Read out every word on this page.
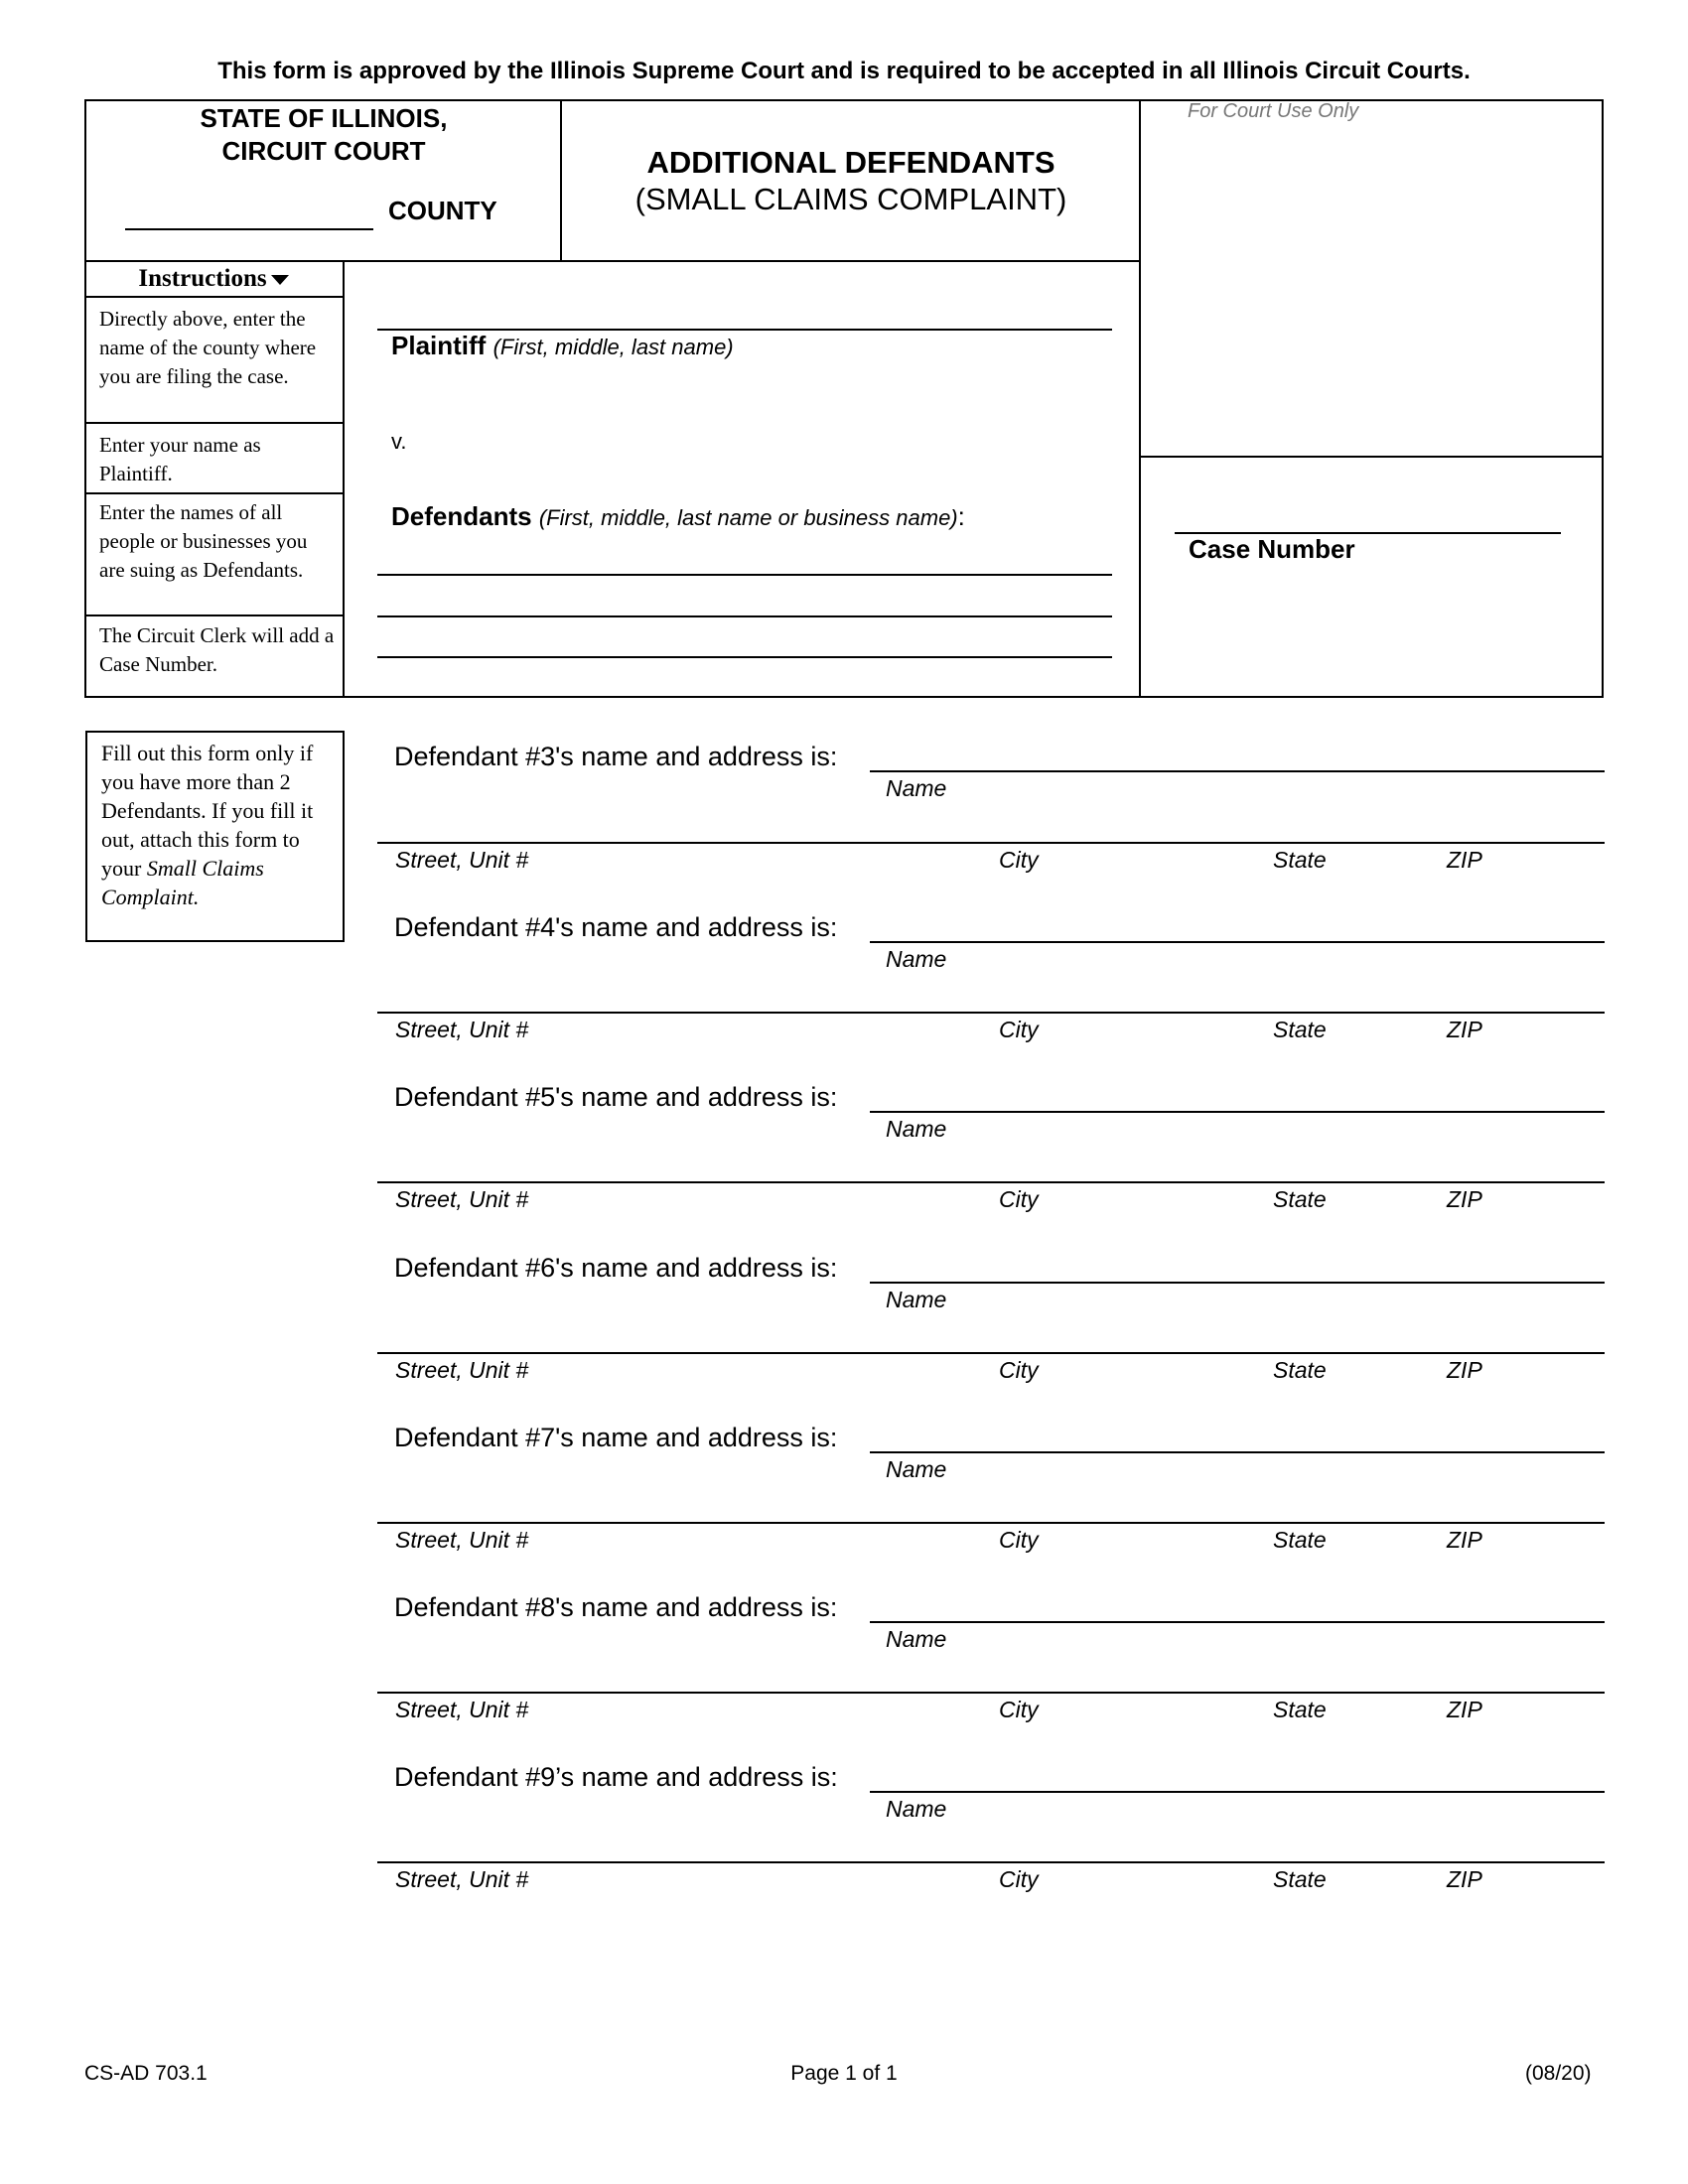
This form is approved by the Illinois Supreme Court and is required to be accepted in all Illinois Circuit Courts.
STATE OF ILLINOIS,
CIRCUIT COURT
COUNTY
ADDITIONAL DEFENDANTS
(SMALL CLAIMS COMPLAINT)
For Court Use Only
Instructions
Directly above, enter the name of the county where you are filing the case.
Enter your name as Plaintiff.
Enter the names of all people or businesses you are suing as Defendants.
The Circuit Clerk will add a Case Number.
Plaintiff (First, middle, last name)
v.
Defendants (First, middle, last name or business name):
Case Number
Fill out this form only if you have more than 2 Defendants. If you fill it out, attach this form to your Small Claims Complaint.
Defendant #3's name and address is:
Name
Street, Unit #	City	State	ZIP
Defendant #4's name and address is:
Name
Street, Unit #	City	State	ZIP
Defendant #5's name and address is:
Name
Street, Unit #	City	State	ZIP
Defendant #6's name and address is:
Name
Street, Unit #	City	State	ZIP
Defendant #7's name and address is:
Name
Street, Unit #	City	State	ZIP
Defendant #8's name and address is:
Name
Street, Unit #	City	State	ZIP
Defendant #9’s name and address is:
Name
Street, Unit #	City	State	ZIP
CS-AD 703.1	Page 1 of 1	(08/20)
